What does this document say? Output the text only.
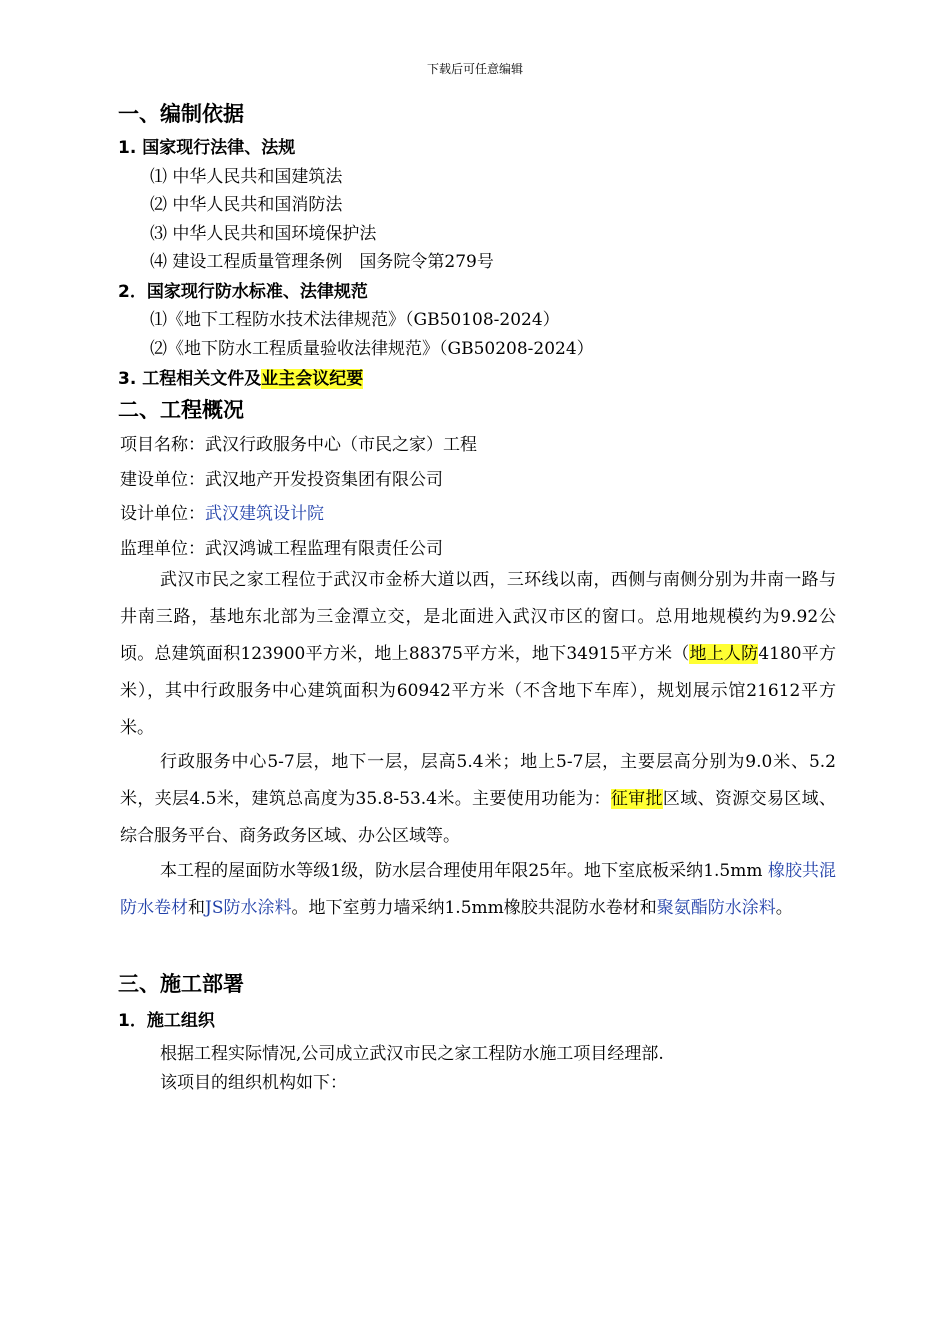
下载后可任意编辑
一、编制依据
1. 国家现行法律、法规
⑴ 中华人民共和国建筑法
⑵ 中华人民共和国消防法
⑶ 中华人民共和国环境保护法
⑷ 建设工程质量管理条例　国务院令第279号
2．国家现行防水标准、法律规范
⑴《地下工程防水技术法律规范》（GB50108-2024）
⑵《地下防水工程质量验收法律规范》（GB50208-2024）
3. 工程相关文件及业主会议纪要
二、工程概况
项目名称：武汉行政服务中心（市民之家）工程
建设单位：武汉地产开发投资集团有限公司
设计单位：武汉建筑设计院
监理单位：武汉鸿诚工程监理有限责任公司
武汉市民之家工程位于武汉市金桥大道以西，三环线以南，西侧与南侧分别为井南一路与井南三路，基地东北部为三金潭立交，是北面进入武汉市区的窗口。总用地规模约为9.92公顷。总建筑面积123900平方米，地上88375平方米，地下34915平方米（地上人防4180平方米），其中行政服务中心建筑面积为60942平方米（不含地下车库），规划展示馆21612平方米。
行政服务中心5-7层，地下一层，层高5.4米；地上5-7层，主要层高分别为9.0米、5.2米，夹层4.5米，建筑总高度为35.8-53.4米。主要使用功能为：征审批区域、资源交易区域、综合服务平台、商务政务区域、办公区域等。
本工程的屋面防水等级1级，防水层合理使用年限25年。地下室底板采纳1.5mm 橡胶共混防水卷材和JS防水涂料。地下室剪力墙采纳1.5mm橡胶共混防水卷材和聚氨酯防水涂料。
三、施工部署
1．施工组织
根据工程实际情况,公司成立武汉市民之家工程防水施工项目经理部.
该项目的组织机构如下：
